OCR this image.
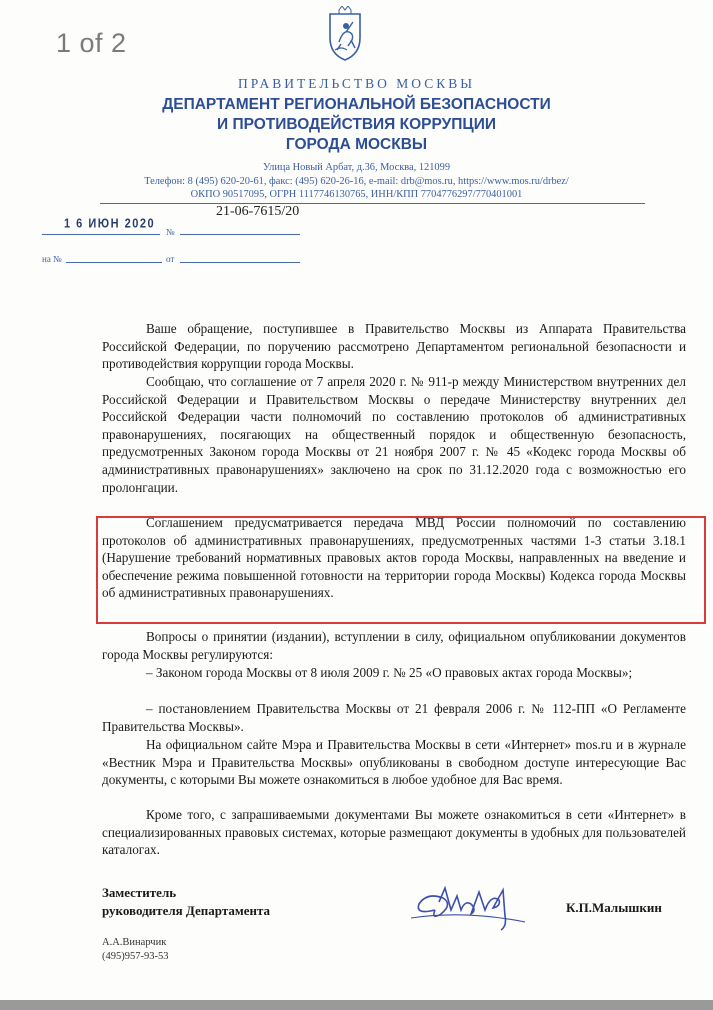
1 of 2
ПРАВИТЕЛЬСТВО МОСКВЫ
ДЕПАРТАМЕНТ РЕГИОНАЛЬНОЙ БЕЗОПАСНОСТИ
И ПРОТИВОДЕЙСТВИЯ КОРРУПЦИИ
ГОРОДА МОСКВЫ
Улица Новый Арбат, д.36, Москва, 121099
Телефон: 8 (495) 620-20-61, факс: (495) 620-26-16, e-mail: drb@mos.ru, https://www.mos.ru/drbez/
ОКПО 90517095, ОГРН 1117746130765, ИНН/КПП 7704776297/770401001
21-06-7615/20
1 6 ИЮН 2020
№
на №	от

Ваше обращение, поступившее в Правительство Москвы из Аппарата Правительства Российской Федерации, по поручению рассмотрено Департаментом региональной безопасности и противодействия коррупции города Москвы.

Сообщаю, что соглашение от 7 апреля 2020 г. № 911-р между Министерством внутренних дел Российской Федерации и Правительством Москвы о передаче Министерству внутренних дел Российской Федерации части полномочий по составлению протоколов об административных правонарушениях, посягающих на общественный порядок и общественную безопасность, предусмотренных Законом города Москвы от 21 ноября 2007 г. № 45 «Кодекс города Москвы об административных правонарушениях» заключено на срок по 31.12.2020 года с возможностью его пролонгации.

Соглашением предусматривается передача МВД России полномочий по составлению протоколов об административных правонарушениях, предусмотренных частями 1-3 статьи 3.18.1 (Нарушение требований нормативных правовых актов города Москвы, направленных на введение и обеспечение режима повышенной готовности на территории города Москвы) Кодекса города Москвы об административных правонарушениях.

Вопросы о принятии (издании), вступлении в силу, официальном опубликовании документов города Москвы регулируются:

– Законом города Москвы от 8 июля 2009 г. № 25 «О правовых актах города Москвы»;

– постановлением Правительства Москвы от 21 февраля 2006 г. № 112-ПП «О Регламенте Правительства Москвы».

На официальном сайте Мэра и Правительства Москвы в сети «Интернет» mos.ru и в журнале «Вестник Мэра и Правительства Москвы» опубликованы в свободном доступе интересующие Вас документы, с которыми Вы можете ознакомиться в любое удобное для Вас время.

Кроме того, с запрашиваемыми документами Вы можете ознакомиться в сети «Интернет» в специализированных правовых системах, которые размещают документы в удобных для пользователей каталогах.

Заместитель
руководителя Департамента	К.П.Малышкин
А.А.Винарчик
(495)957-93-53
